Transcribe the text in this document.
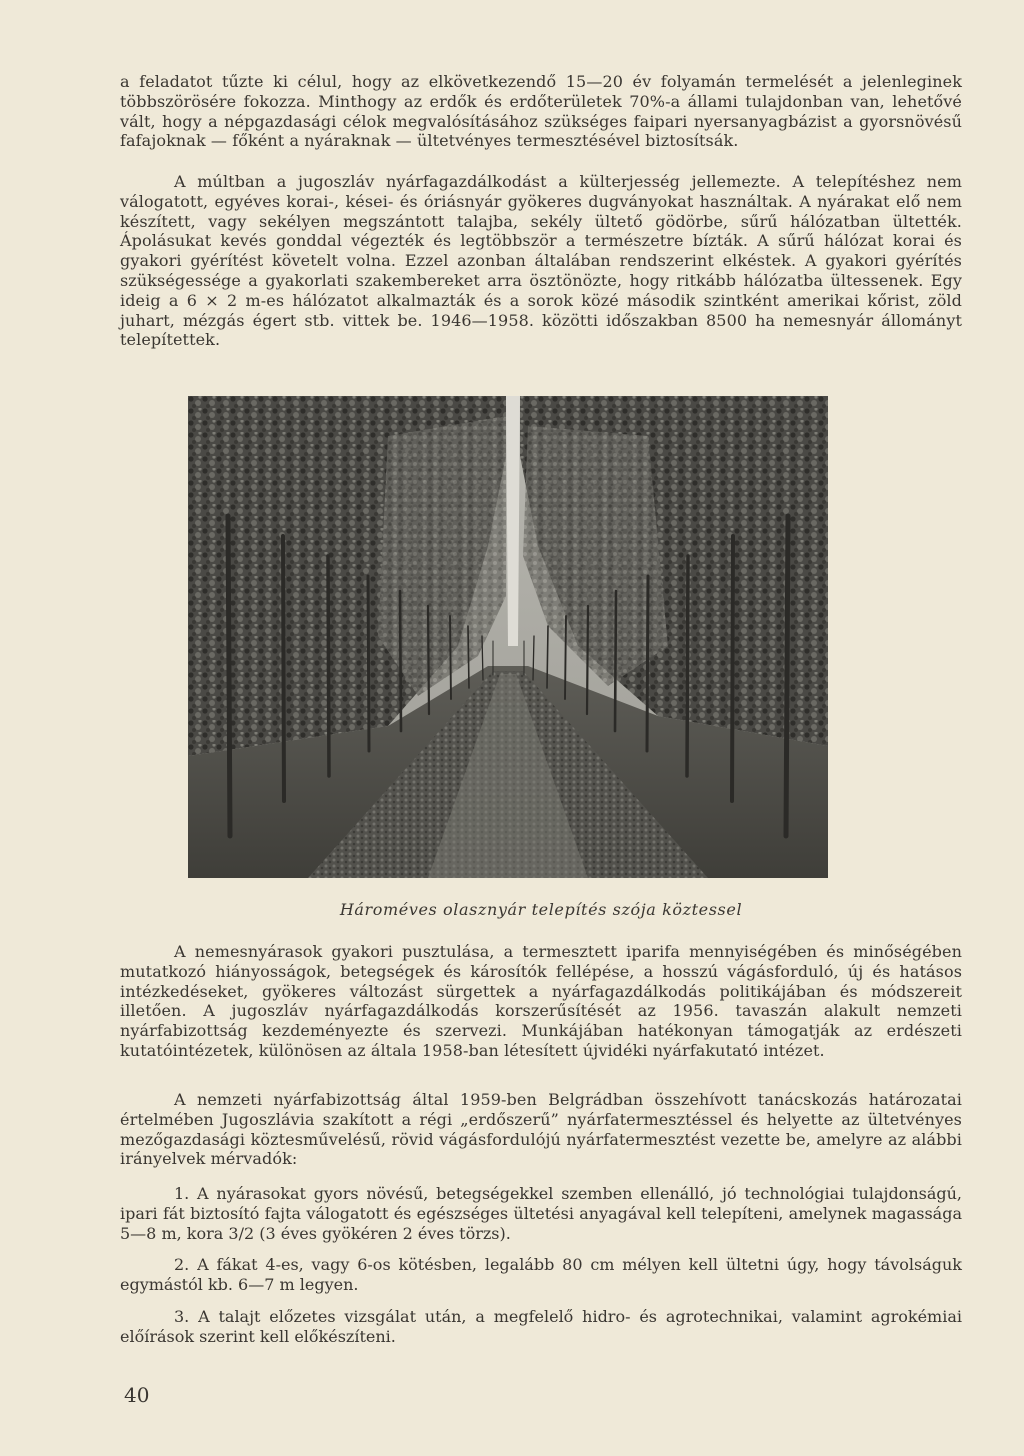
a feladatot tűzte ki célul, hogy az elkövetkezendő 15—20 év folyamán termelését a jelenleginek többszörösére fokozza. Minthogy az erdők és erdőterületek 70%-a állami tulajdonban van, lehetővé vált, hogy a népgazdasági célok megvalósításához szükséges faipari nyersanyagbázist a gyorsnövésű fafajoknak — főként a nyáraknak — ültetvényes termesztésével biztosítsák.

A múltban a jugoszláv nyárfagazdálkodást a külterjesség jellemezte. A telepítéshez nem válogatott, egyéves korai-, kései- és óriásnyár gyökeres dugványokat használtak. A nyárakat elő nem készített, vagy sekélyen megszántott talajba, sekély ültető gödörbe, sűrű hálózatban ültették. Ápolásukat kevés gonddal végezték és legtöbbször a természetre bízták. A sűrű hálózat korai és gyakori gyérítést követelt volna. Ezzel azonban általában rendszerint elkéstek. A gyakori gyérítés szükségessége a gyakorlati szakembereket arra ösztönözte, hogy ritkább hálózatba ültessenek. Egy ideig a 6 × 2 m-es hálózatot alkalmazták és a sorok közé második szintként amerikai kőrist, zöld juhart, mézgás égert stb. vittek be. 1946—1958. közötti időszakban 8500 ha nemesnyár állományt telepítettek.

Hároméves olasznyár telepítés szója köztessel

A nemesnyárasok gyakori pusztulása, a termesztett iparifa mennyiségében és minőségében mutatkozó hiányosságok, betegségek és károsítók fellépése, a hosszú vágásforduló, új és hatásos intézkedéseket, gyökeres változást sürgettek a nyárfagazdálkodás politikájában és módszereit illetően. A jugoszláv nyárfagazdálkodás korszerűsítését az 1956. tavaszán alakult nemzeti nyárfabizottság kezdeményezte és szervezi. Munkájában hatékonyan támogatják az erdészeti kutatóintézetek, különösen az általa 1958-ban létesített újvidéki nyárfakutató intézet.

A nemzeti nyárfabizottság által 1959-ben Belgrádban összehívott tanácskozás határozatai értelmében Jugoszlávia szakított a régi „erdőszerű” nyárfatermesztéssel és helyette az ültetvényes mezőgazdasági köztesművelésű, rövid vágásfordulójú nyárfatermesztést vezette be, amelyre az alábbi irányelvek mérvadók:

1. A nyárasokat gyors növésű, betegségekkel szemben ellenálló, jó technológiai tulajdonságú, ipari fát biztosító fajta válogatott és egészséges ültetési anyagával kell telepíteni, amelynek magassága 5—8 m, kora 3/2 (3 éves gyökéren 2 éves törzs).

2. A fákat 4-es, vagy 6-os kötésben, legalább 80 cm mélyen kell ültetni úgy, hogy távolságuk egymástól kb. 6—7 m legyen.

3. A talajt előzetes vizsgálat után, a megfelelő hidro- és agrotechnikai, valamint agrokémiai előírások szerint kell előkészíteni.

40
